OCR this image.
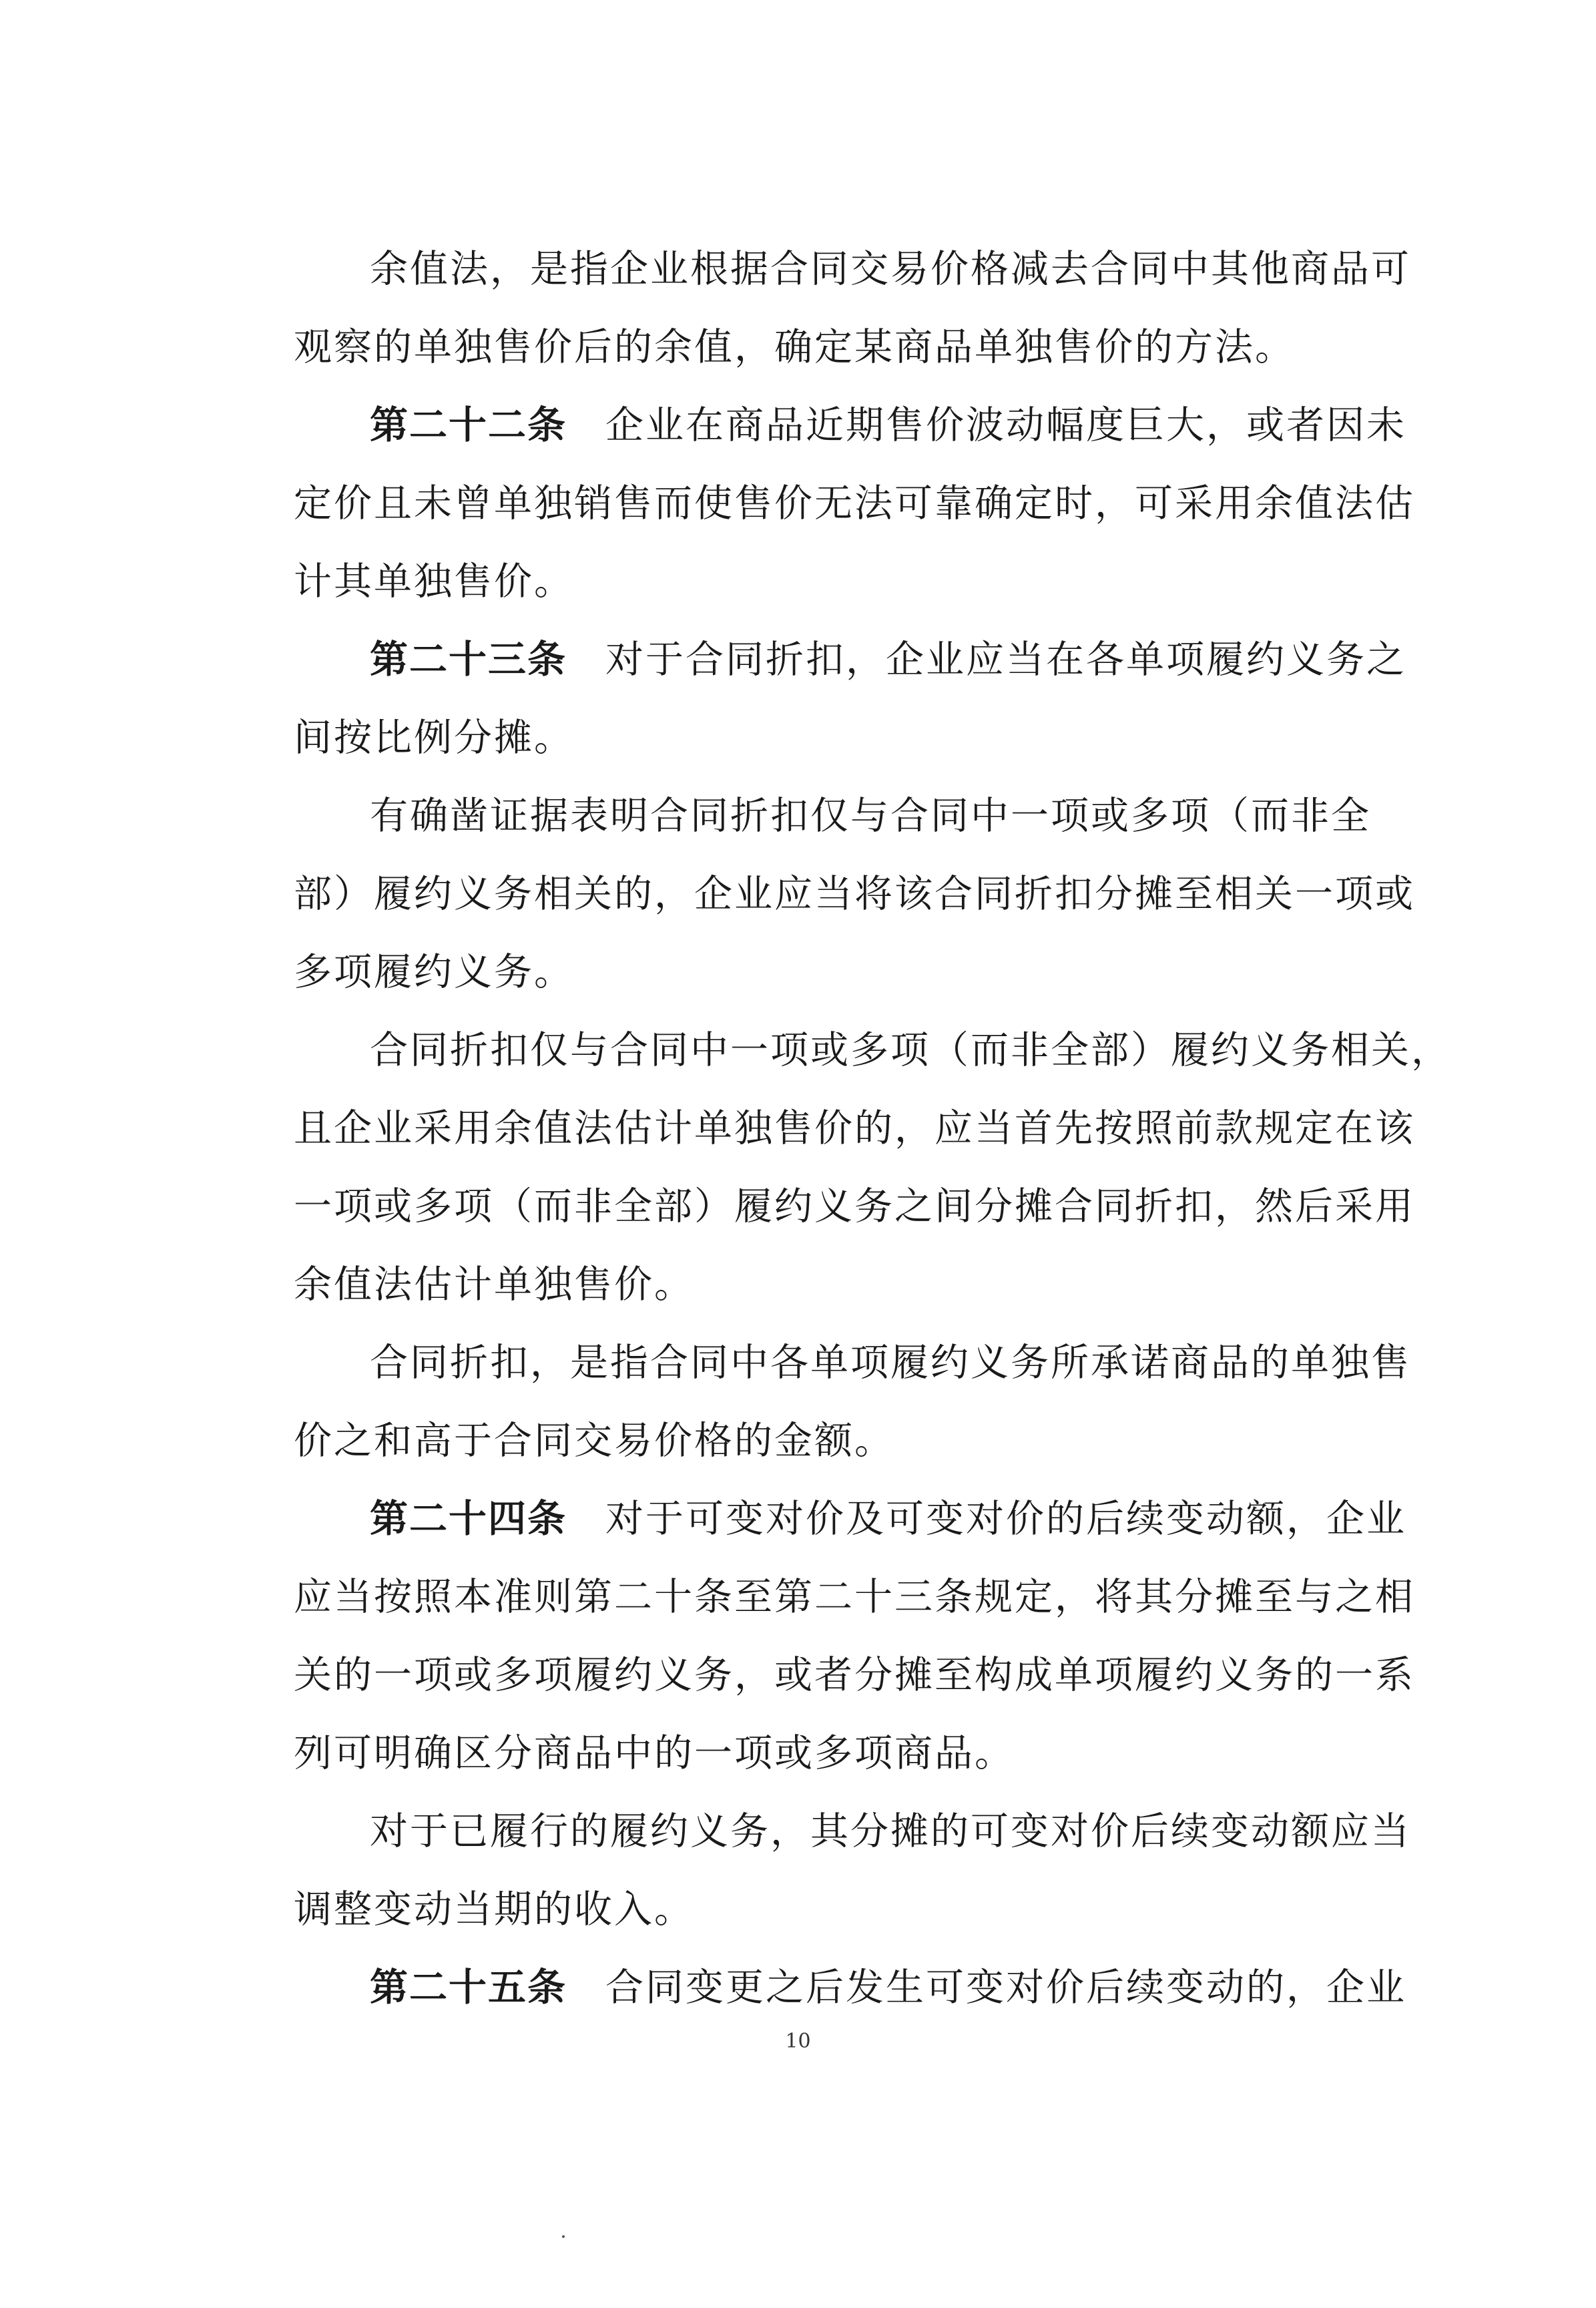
余值法，是指企业根据合同交易价格减去合同中其他商品可
观察的单独售价后的余值，确定某商品单独售价的方法。
第二十二条 企业在商品近期售价波动幅度巨大，或者因未
定价且未曾单独销售而使售价无法可靠确定时，可采用余值法估
计其单独售价。
第二十三条 对于合同折扣，企业应当在各单项履约义务之
间按比例分摊。
有确凿证据表明合同折扣仅与合同中一项或多项（而非全
部）履约义务相关的，企业应当将该合同折扣分摊至相关一项或
多项履约义务。
合同折扣仅与合同中一项或多项（而非全部）履约义务相关，
且企业采用余值法估计单独售价的，应当首先按照前款规定在该
一项或多项（而非全部）履约义务之间分摊合同折扣，然后采用
余值法估计单独售价。
合同折扣，是指合同中各单项履约义务所承诺商品的单独售
价之和高于合同交易价格的金额。
第二十四条 对于可变对价及可变对价的后续变动额，企业
应当按照本准则第二十条至第二十三条规定，将其分摊至与之相
关的一项或多项履约义务，或者分摊至构成单项履约义务的一系
列可明确区分商品中的一项或多项商品。
对于已履行的履约义务，其分摊的可变对价后续变动额应当
调整变动当期的收入。
第二十五条 合同变更之后发生可变对价后续变动的，企业
10
